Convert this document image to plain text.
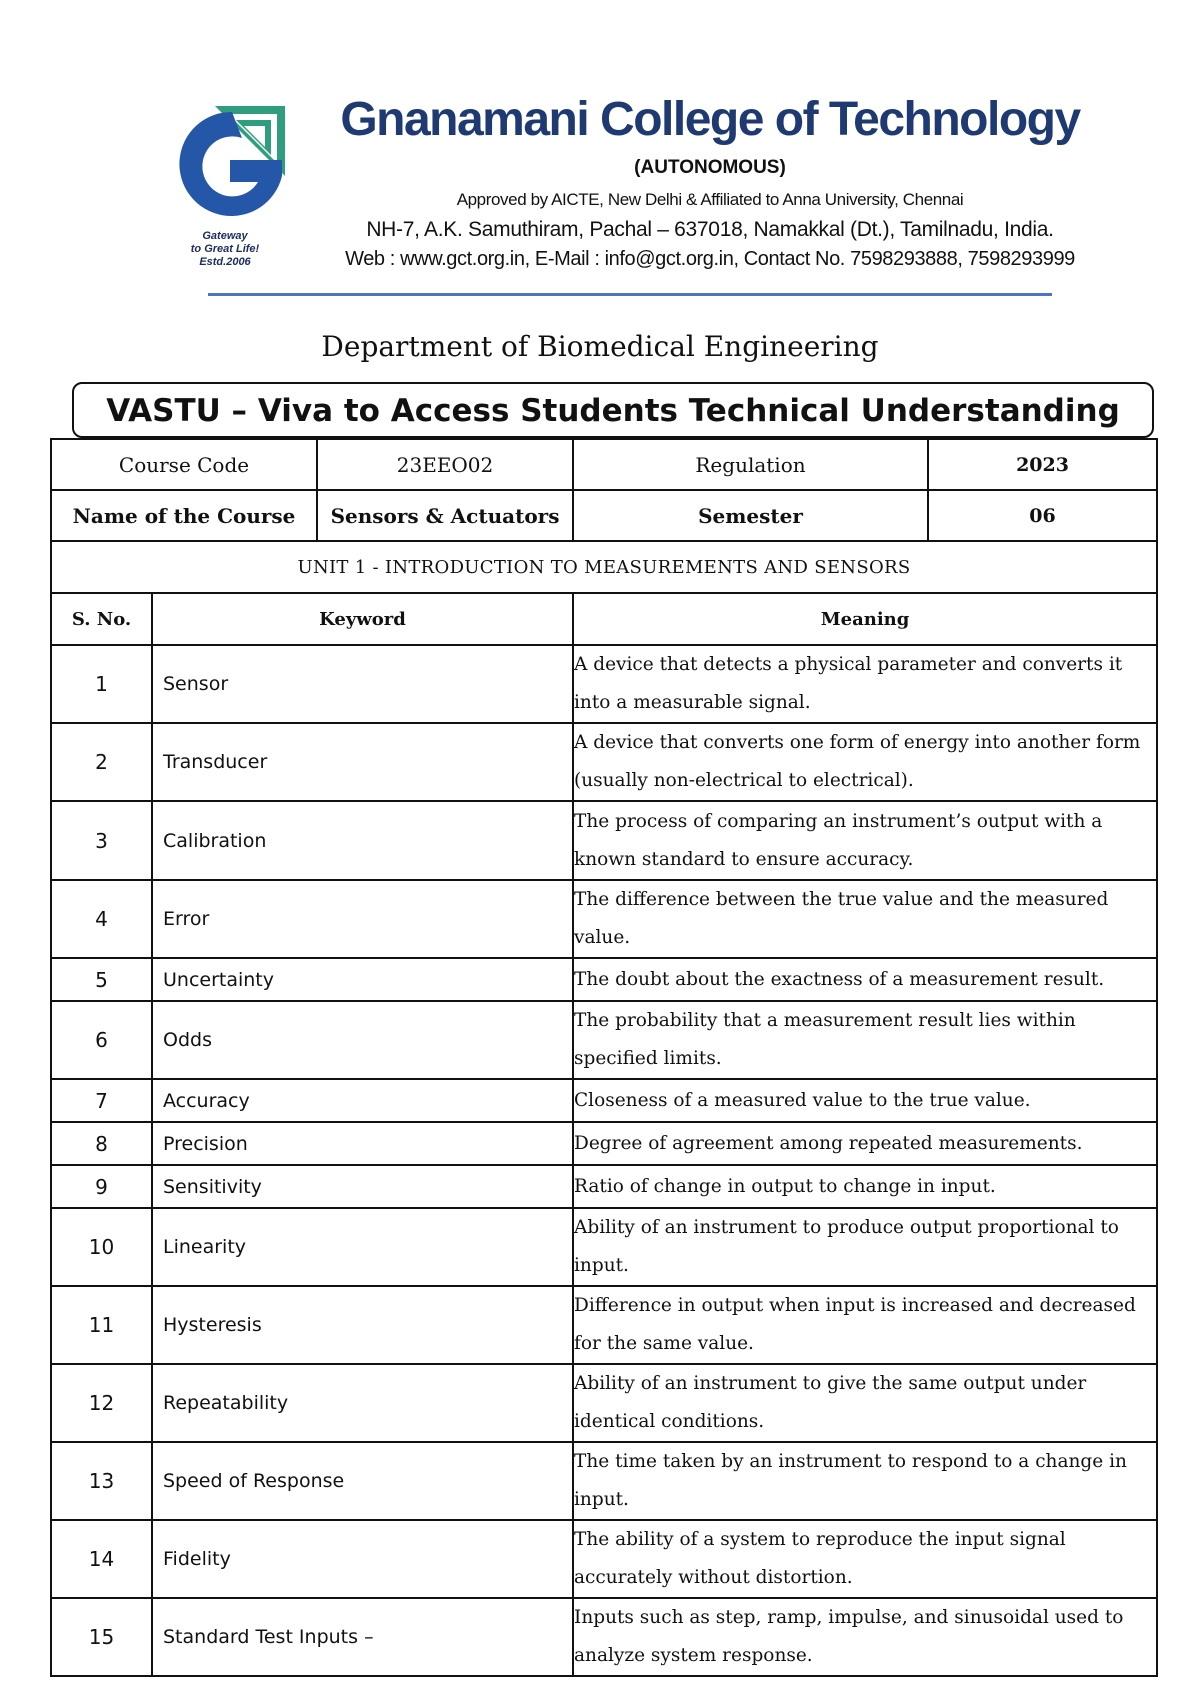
Gateway
to Great Life!
Estd.2006
Gnanamani College of Technology
(AUTONOMOUS)
Approved by AICTE, New Delhi & Affiliated to Anna University, Chennai
NH-7, A.K. Samuthiram, Pachal – 637018, Namakkal (Dt.), Tamilnadu, India.
Web : www.gct.org.in, E-Mail : info@gct.org.in, Contact No. 7598293888, 7598293999
Department of Biomedical Engineering
VASTU – Viva to Access Students Technical Understanding
Course Code		23EEO02	Regulation	2023
Name of the Course		Sensors & Actuators	Semester	06
UNIT 1 - INTRODUCTION TO MEASUREMENTS AND SENSORS				
S. No.	Keyword		Meaning	
1	Sensor		A device that detects a physical parameter and converts it into a measurable signal.	
2	Transducer		A device that converts one form of energy into another form (usually non-electrical to electrical).	
3	Calibration		The process of comparing an instrument’s output with a known standard to ensure accuracy.	
4	Error		The difference between the true value and the measured value.	
5	Uncertainty		The doubt about the exactness of a measurement result.	
6	Odds		The probability that a measurement result lies within specified limits.	
7	Accuracy		Closeness of a measured value to the true value.	
8	Precision		Degree of agreement among repeated measurements.	
9	Sensitivity		Ratio of change in output to change in input.	
10	Linearity		Ability of an instrument to produce output proportional to input.	
11	Hysteresis		Difference in output when input is increased and decreased for the same value.	
12	Repeatability		Ability of an instrument to give the same output under identical conditions.	
13	Speed of Response		The time taken by an instrument to respond to a change in input.	
14	Fidelity		The ability of a system to reproduce the input signal accurately without distortion.	
15	Standard Test Inputs –		Inputs such as step, ramp, impulse, and sinusoidal used to analyze system response.	
